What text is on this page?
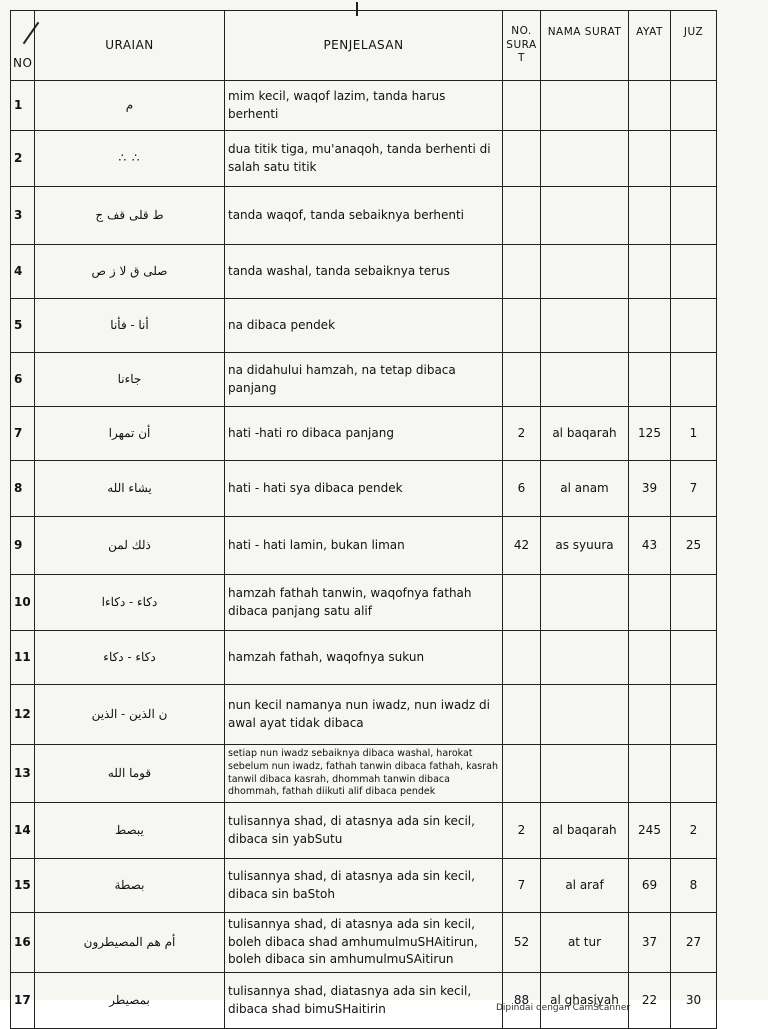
NO	URAIAN	PENJELASAN	NO. SURA T	NAMA SURAT	AYAT	JUZ
1	م	mim kecil, waqof lazim, tanda harus berhenti				
2	∴ ∴	dua titik tiga, mu'anaqoh, tanda berhenti di salah satu titik				
3	ط قلى قف ج	tanda waqof, tanda sebaiknya berhenti				
4	صلى ق لا ز ص	tanda washal, tanda sebaiknya terus				
5	أنا - فأنا	na dibaca pendek				
6	جاءنا	na didahului hamzah, na tetap dibaca panjang				
7	أن تمهرا	hati -hati ro dibaca panjang	2	al baqarah	125	1
8	يشاء الله	hati - hati sya dibaca pendek	6	al anam	39	7
9	ذلك لمن	hati - hati lamin, bukan liman	42	as syuura	43	25
10	دكاء - دكاءا	hamzah fathah tanwin, waqofnya fathah dibaca panjang satu alif				
11	دكاء - دكاء	hamzah fathah, waqofnya sukun				
12	ن الذين - الذين	nun kecil namanya nun iwadz, nun iwadz di awal ayat tidak dibaca				
13	قوما الله	setiap nun iwadz sebaiknya dibaca washal, harokat sebelum nun iwadz, fathah tanwin dibaca fathah, kasrah tanwil dibaca kasrah, dhommah tanwin dibaca dhommah, fathah diikuti alif dibaca pendek				
14	يبصط	tulisannya shad, di atasnya ada sin kecil, dibaca sin yabSutu	2	al baqarah	245	2
15	بصطة	tulisannya shad, di atasnya ada sin kecil, dibaca sin baStoh	7	al araf	69	8
16	أم هم المصيطرون	tulisannya shad, di atasnya ada sin kecil, boleh dibaca shad amhumulmuSHAitirun, boleh dibaca sin amhumulmuSAitirun	52	at tur	37	27
17	بمصيطر	tulisannya shad, diatasnya ada sin kecil, dibaca shad bimuSHaitirin	88	al ghasiyah	22	30
Dipindai dengan CamScanner
